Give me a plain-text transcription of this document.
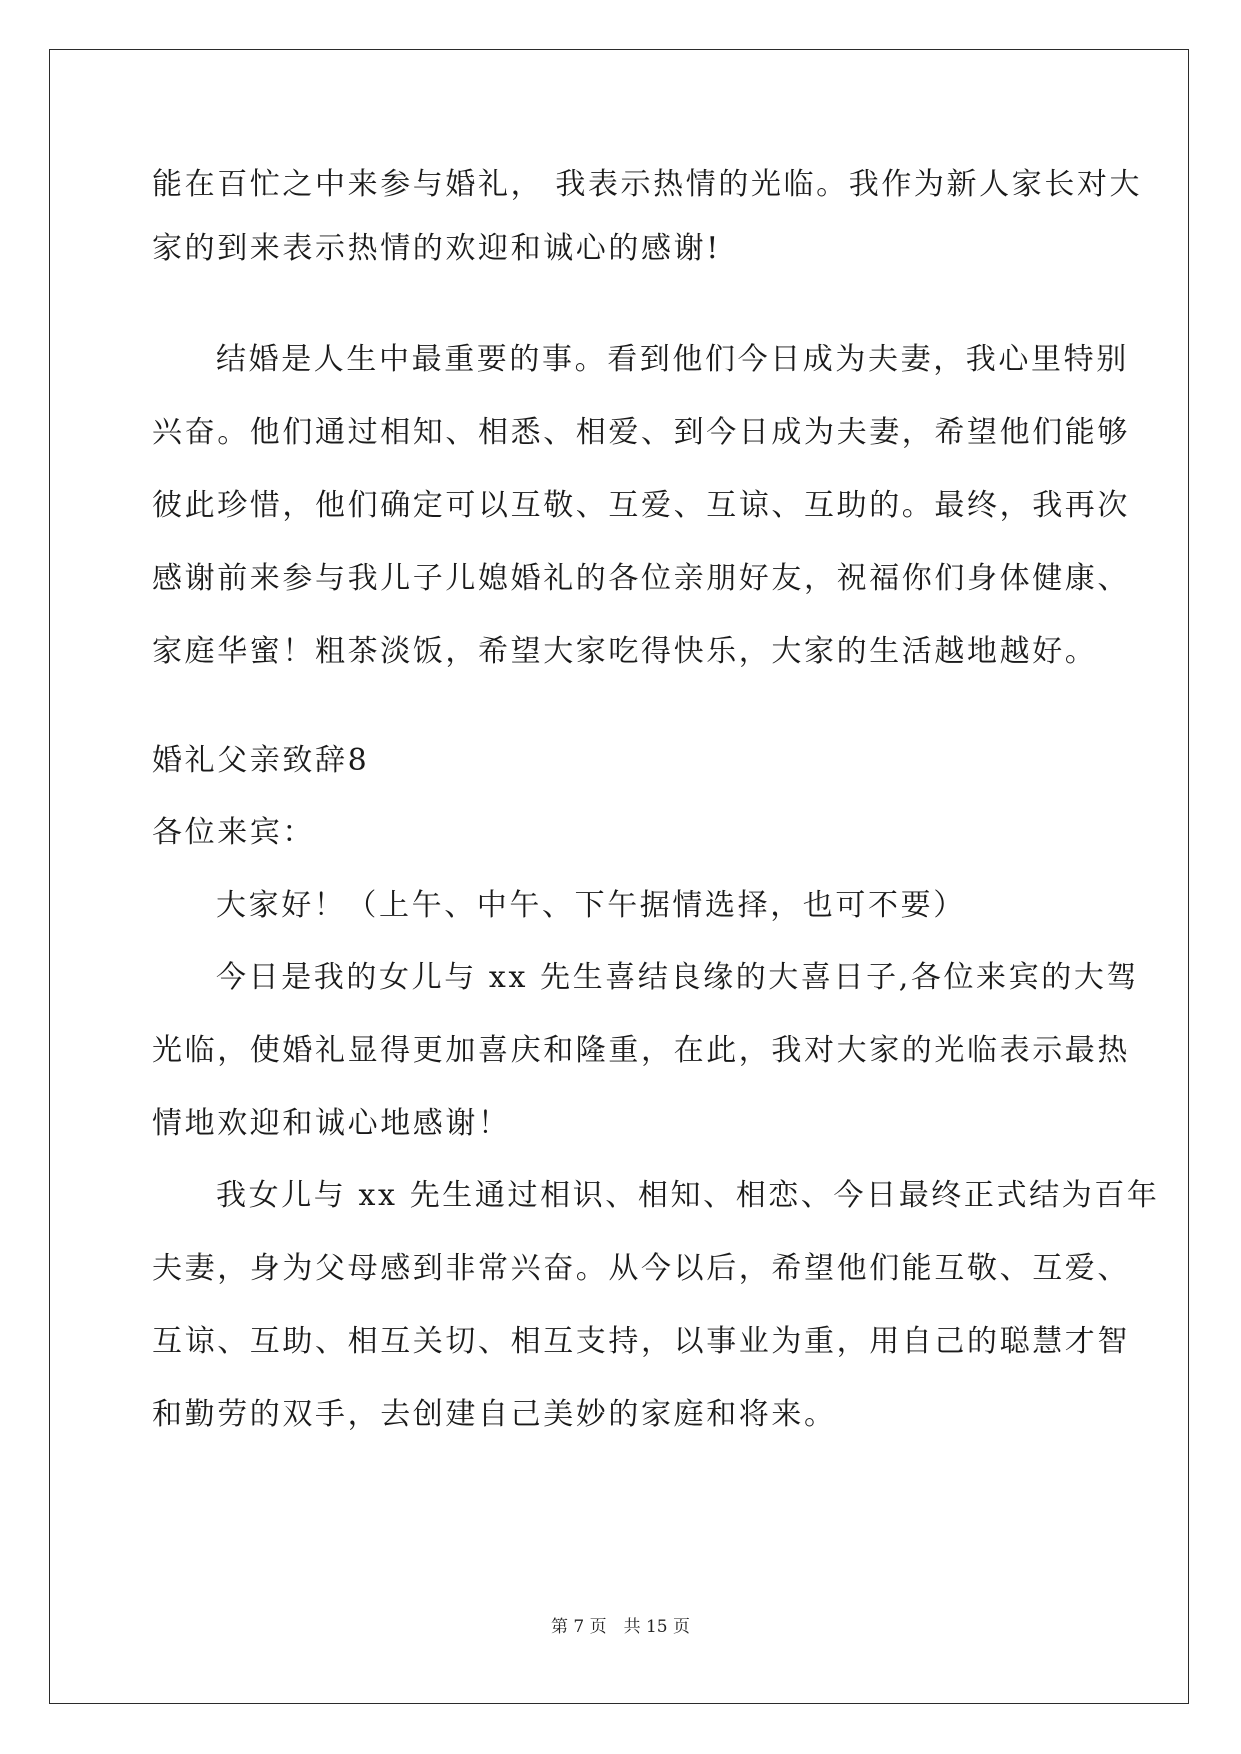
能在百忙之中来参与婚礼， 我表示热情的光临。我作为新人家长对大
家的到来表示热情的欢迎和诚心的感谢!
结婚是人生中最重要的事。看到他们今日成为夫妻，我心里特别
兴奋。他们通过相知、相悉、相爱、到今日成为夫妻，希望他们能够
彼此珍惜，他们确定可以互敬、互爱、互谅、互助的。最终，我再次
感谢前来参与我儿子儿媳婚礼的各位亲朋好友，祝福你们身体健康、
家庭华蜜！粗茶淡饭，希望大家吃得快乐，大家的生活越地越好。
婚礼父亲致辞8
各位来宾：
大家好！（上午、中午、下午据情选择，也可不要）
今日是我的女儿与 xx 先生喜结良缘的大喜日子,各位来宾的大驾
光临，使婚礼显得更加喜庆和隆重，在此，我对大家的光临表示最热
情地欢迎和诚心地感谢！
我女儿与 xx 先生通过相识、相知、相恋、今日最终正式结为百年
夫妻，身为父母感到非常兴奋。从今以后，希望他们能互敬、互爱、
互谅、互助、相互关切、相互支持，以事业为重，用自己的聪慧才智
和勤劳的双手，去创建自己美妙的家庭和将来。
第 7 页　共 15 页
